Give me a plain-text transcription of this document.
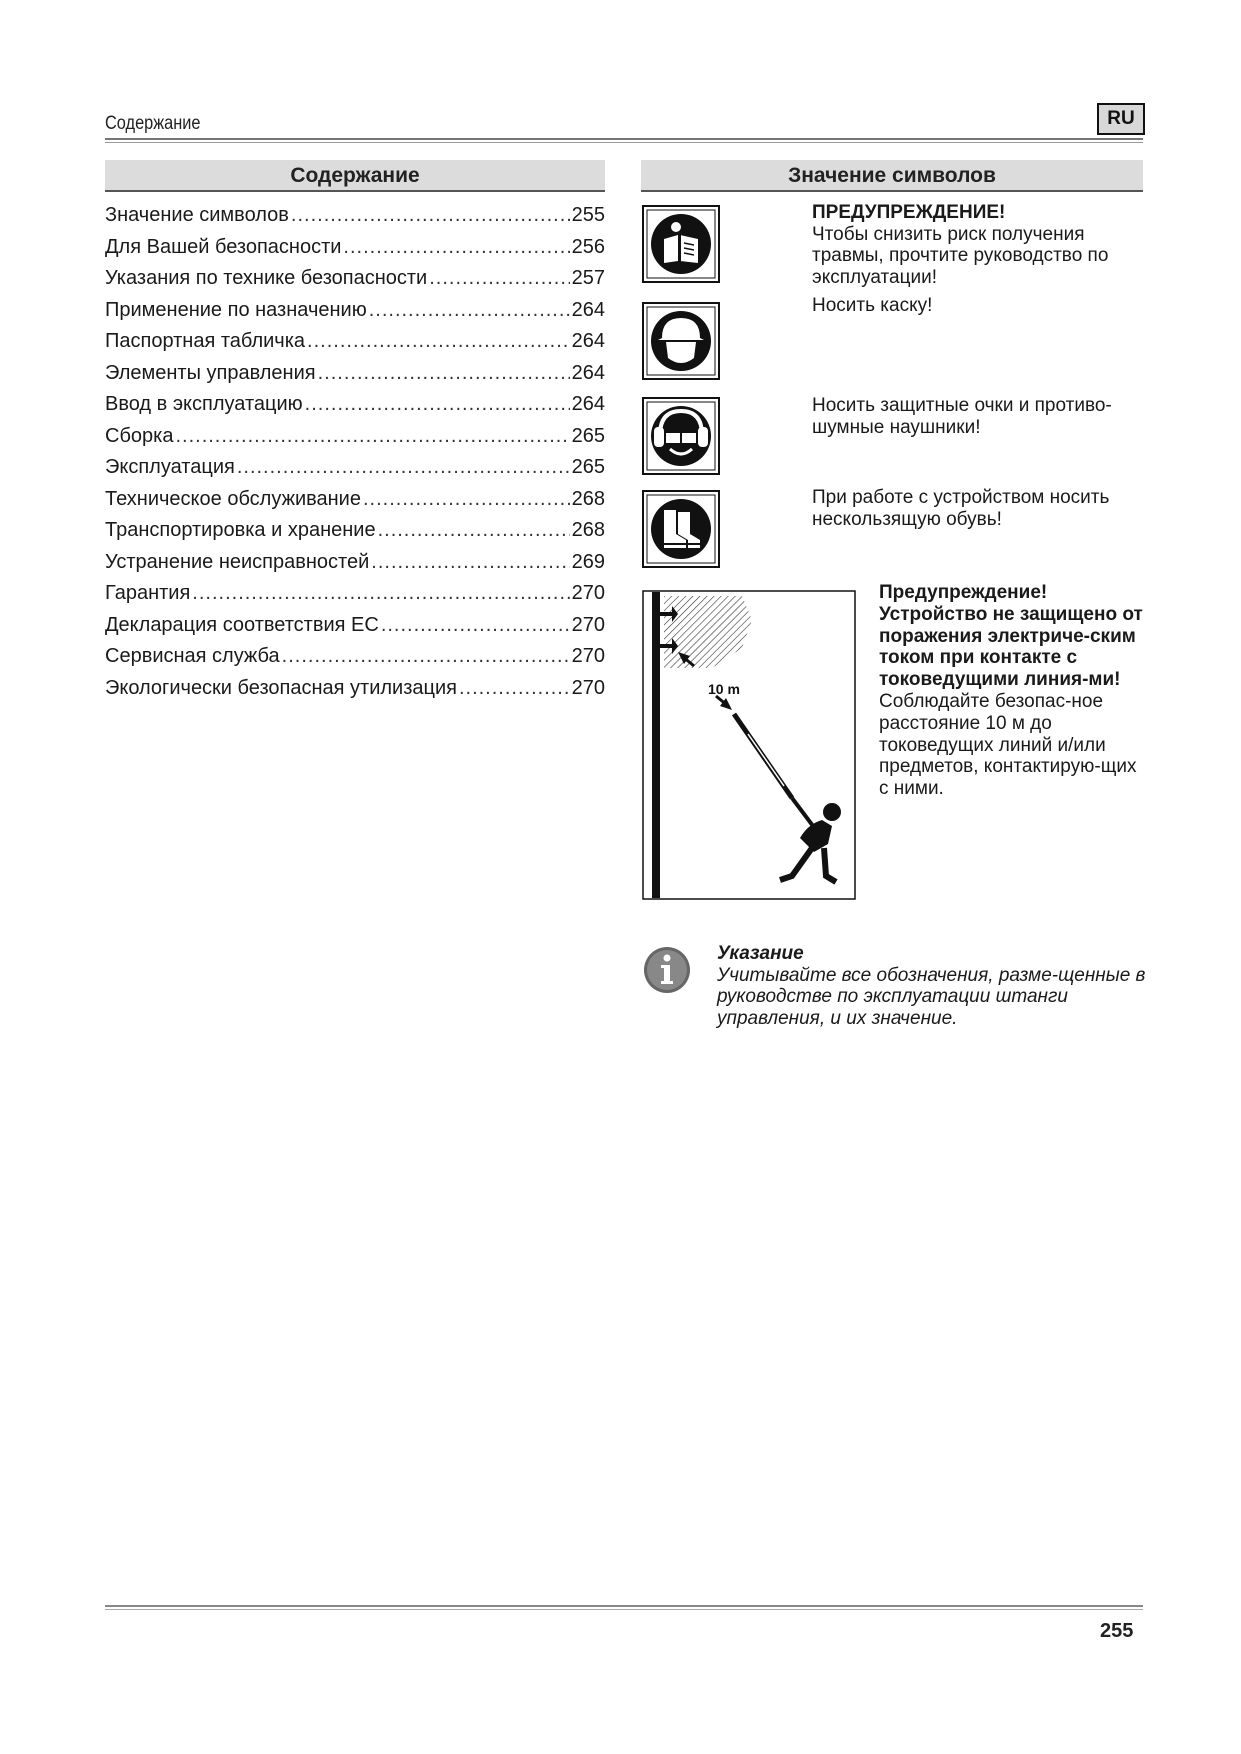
Содержание	RU
Содержание
Значение символов .....	255
Для Вашей безопасности .....	256
Указания по технике безопасности .....	257
Применение по назначению .....	264
Паспортная табличка .....	264
Элементы управления .....	264
Ввод в эксплуатацию .....	264
Сборка .....	265
Эксплуатация .....	265
Техническое обслуживание .....	268
Транспортировка и хранение .....	268
Устранение неисправностей .....	269
Гарантия .....	270
Декларация соответствия ЕС .....	270
Сервисная служба .....	270
Экологически безопасная утилизация .....	270
Значение символов

ПРЕДУПРЕЖДЕНИЕ!

Чтобы снизить риск получения травмы, прочтите руководство по эксплуатации!

Носить каску!

Носить защитные очки и противо-шумные наушники!
При работе с устройством носить нескользящую обувь!
10 m

Предупреждение!

Устройство не защищено от поражения электриче-ским током при контакте с токоведущими линия-ми!

Соблюдайте безопас-ное расстояние 10 м до токоведущих линий и/или предметов, контактирую-щих с ними.

Указание

Учитывайте все обозначения, разме-щенные в руководстве по эксплуатации штанги управления, и их значение.

255
